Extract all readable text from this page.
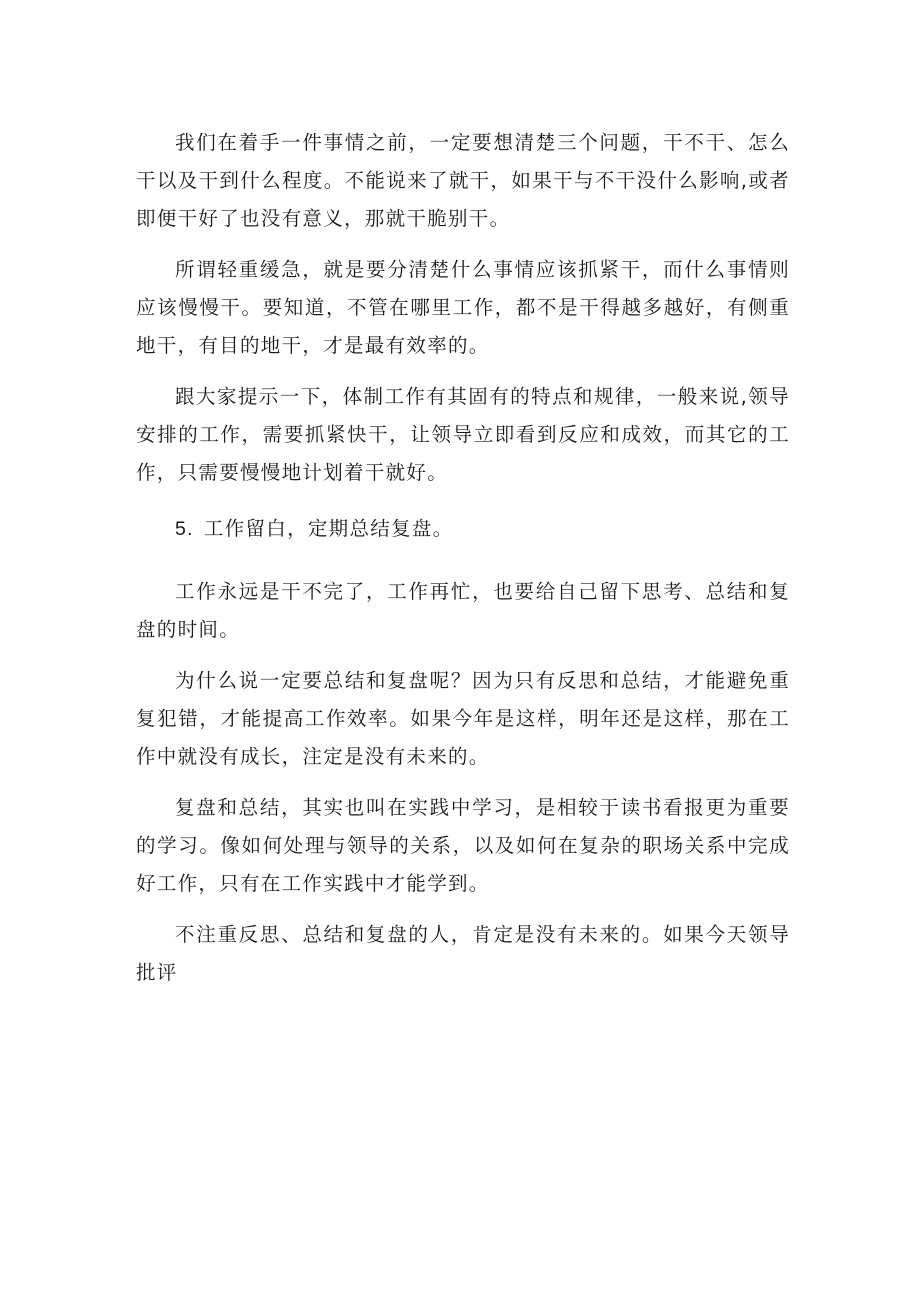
我们在着手一件事情之前，一定要想清楚三个问题，干不干、怎么干以及干到什么程度。不能说来了就干，如果干与不干没什么影响,或者即便干好了也没有意义，那就干脆别干。

所谓轻重缓急，就是要分清楚什么事情应该抓紧干，而什么事情则应该慢慢干。要知道，不管在哪里工作，都不是干得越多越好，有侧重地干，有目的地干，才是最有效率的。

跟大家提示一下，体制工作有其固有的特点和规律，一般来说,领导安排的工作，需要抓紧快干，让领导立即看到反应和成效，而其它的工作，只需要慢慢地计划着干就好。

5. 工作留白，定期总结复盘。

工作永远是干不完了，工作再忙，也要给自己留下思考、总结和复盘的时间。

为什么说一定要总结和复盘呢？因为只有反思和总结，才能避免重复犯错，才能提高工作效率。如果今年是这样，明年还是这样，那在工作中就没有成长，注定是没有未来的。

复盘和总结，其实也叫在实践中学习，是相较于读书看报更为重要的学习。像如何处理与领导的关系，以及如何在复杂的职场关系中完成好工作，只有在工作实践中才能学到。

不注重反思、总结和复盘的人，肯定是没有未来的。如果今天领导批评
